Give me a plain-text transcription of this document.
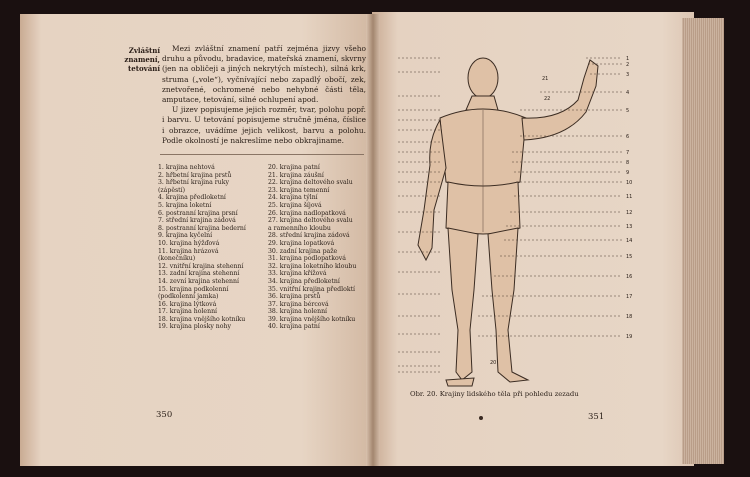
Zvláštní znamení, tetování

Mezi zvláštní znamení patří zejména jizvy všeho druhu a původu, bradavice, mateřská znamení, skvrny (jen na obličeji a jiných nekrytých místech), silná krk, struma („vole“), vyčnívající nebo zapadlý obočí, zek, znetvořené, ochromené nebo nehybné části těla, amputace, tetování, silné ochlupení apod.

U jizev popisujeme jejich rozměr, tvar, polohu popř. i barvu. U tetování popisujeme stručně jména, číslice i obrazce, uvádíme jejich velikost, barvu a polohu. Podle okolností je nakreslíme nebo obkrajiname.

1. krajina nehtová
2. hřbetní krajina prstů
3. hřbetní krajina ruky
(zápěstí)
4. krajina předloketní
5. krajina loketní
6. postranní krajina prsní
7. střední krajina zádová
8. postranní krajina bederní
9. krajina kyčelní
10. krajina hýžďová
11. krajina hrázová
(konečníku)
12. vnitřní krajina stehenní
13. zadní krajina stehenní
14. zevní krajina stehenní
15. krajina podkolenní
(podkolenní jamka)
16. krajina lýtková
17. krajina holenní
18. krajina vnějšího kotníku
19. krajina plosky nohy
20. krajina patní
21. krajina záušní
22. krajina deltového svalu
23. krajina temenní
24. krajina týlní
25. krajina šíjová
26. krajina nadlopatková
27. krajina deltového svalu
a ramenního kloubu
28. střední krajina zádová
29. krajina lopatková
30. zadní krajina paže
31. krajina podlopatková
32. krajina loketního kloubu
33. krajina křížová
34. krajina předloketní
35. vnitřní krajina předloktí
36. krajina prstů
37. krajina bércová
38. krajina holenní
39. krajina vnějšího kotníku
40. krajina patní
350	351
Obr. 20. Krajiny lidského těla při pohledu zezadu
1
2
3
4
5
6
7
8
9
10
11
12
13
14
15
16
17
18
19
21
22
20
